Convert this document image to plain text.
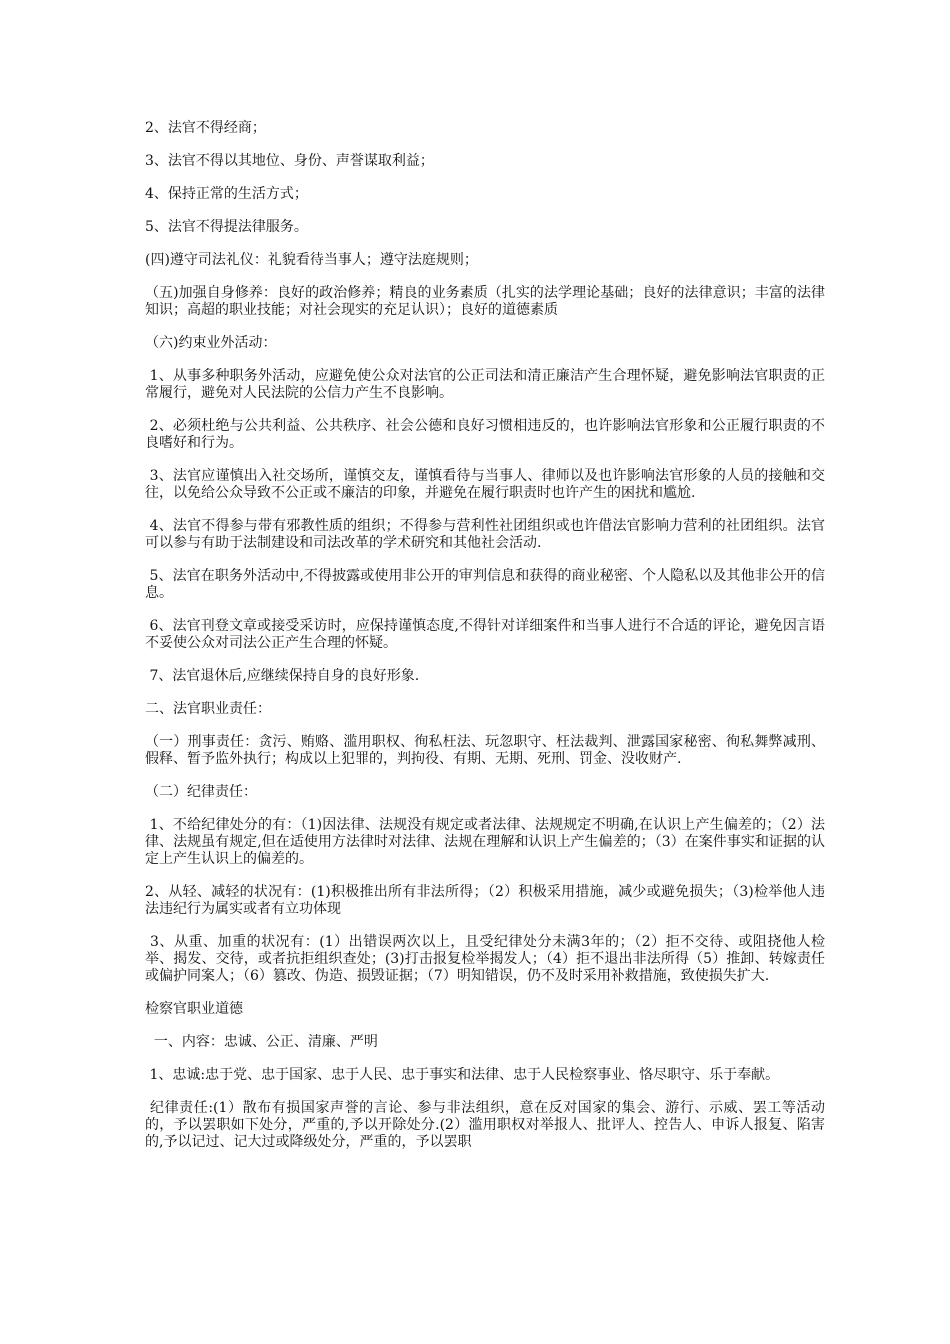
2、法官不得经商；

3、法官不得以其地位、身份、声誉谋取利益；

4、保持正常的生活方式；

5、法官不得提法律服务。

(四)遵守司法礼仪：礼貌看待当事人；遵守法庭规则；

（五)加强自身修养：良好的政治修养；精良的业务素质（扎实的法学理论基础；良好的法律意识；丰富的法律知识；高超的职业技能；对社会现实的充足认识）；良好的道德素质

（六)约束业外活动：

1、从事多种职务外活动，应避免使公众对法官的公正司法和清正廉洁产生合理怀疑，避免影响法官职责的正常履行，避免对人民法院的公信力产生不良影响。

2、必须杜绝与公共利益、公共秩序、社会公德和良好习惯相违反的，也许影响法官形象和公正履行职责的不良嗜好和行为。

3、法官应谨慎出入社交场所，谨慎交友，谨慎看待与当事人、律师以及也许影响法官形象的人员的接触和交往，以免给公众导致不公正或不廉洁的印象，并避免在履行职责时也许产生的困扰和尴尬.

4、法官不得参与带有邪教性质的组织；不得参与营利性社团组织或也许借法官影响力营利的社团组织。法官可以参与有助于法制建设和司法改革的学术研究和其他社会活动.

5、法官在职务外活动中,不得披露或使用非公开的审判信息和获得的商业秘密、个人隐私以及其他非公开的信息。

6、法官刊登文章或接受采访时，应保持谨慎态度,不得针对详细案件和当事人进行不合适的评论，避免因言语不妥使公众对司法公正产生合理的怀疑。

7、法官退休后,应继续保持自身的良好形象.

二、法官职业责任：

（一）刑事责任：贪污、贿赂、滥用职权、徇私枉法、玩忽职守、枉法裁判、泄露国家秘密、徇私舞弊减刑、假释、暂予监外执行；构成以上犯罪的，判拘役、有期、无期、死刑、罚金、没收财产.

（二）纪律责任：

1、不给纪律处分的有：（1)因法律、法规没有规定或者法律、法规规定不明确,在认识上产生偏差的；（2）法律、法规虽有规定,但在适使用方法律时对法律、法规在理解和认识上产生偏差的；（3）在案件事实和证据的认定上产生认识上的偏差的。

2、从轻、减轻的状况有：(1)积极推出所有非法所得；（2）积极采用措施，减少或避免损失；（3)检举他人违法违纪行为属实或者有立功体现

3、从重、加重的状况有：(1）出错误两次以上，且受纪律处分未满3年的；（2）拒不交待、或阻挠他人检举、揭发、交待，或者抗拒组织查处；(3)打击报复检举揭发人；（4）拒不退出非法所得（5）推卸、转嫁责任或偏护同案人；（6）篡改、伪造、损毁证据；（7）明知错误，仍不及时采用补救措施，致使损失扩大.

检察官职业道德

一、内容：忠诚、公正、清廉、严明

1、忠诚:忠于党、忠于国家、忠于人民、忠于事实和法律、忠于人民检察事业、恪尽职守、乐于奉献。

纪律责任:(1）散布有损国家声誉的言论、参与非法组织，意在反对国家的集会、游行、示威、罢工等活动的，予以罢职如下处分，严重的,予以开除处分.(2）滥用职权对举报人、批评人、控告人、申诉人报复、陷害的,予以记过、记大过或降级处分，严重的，予以罢职
